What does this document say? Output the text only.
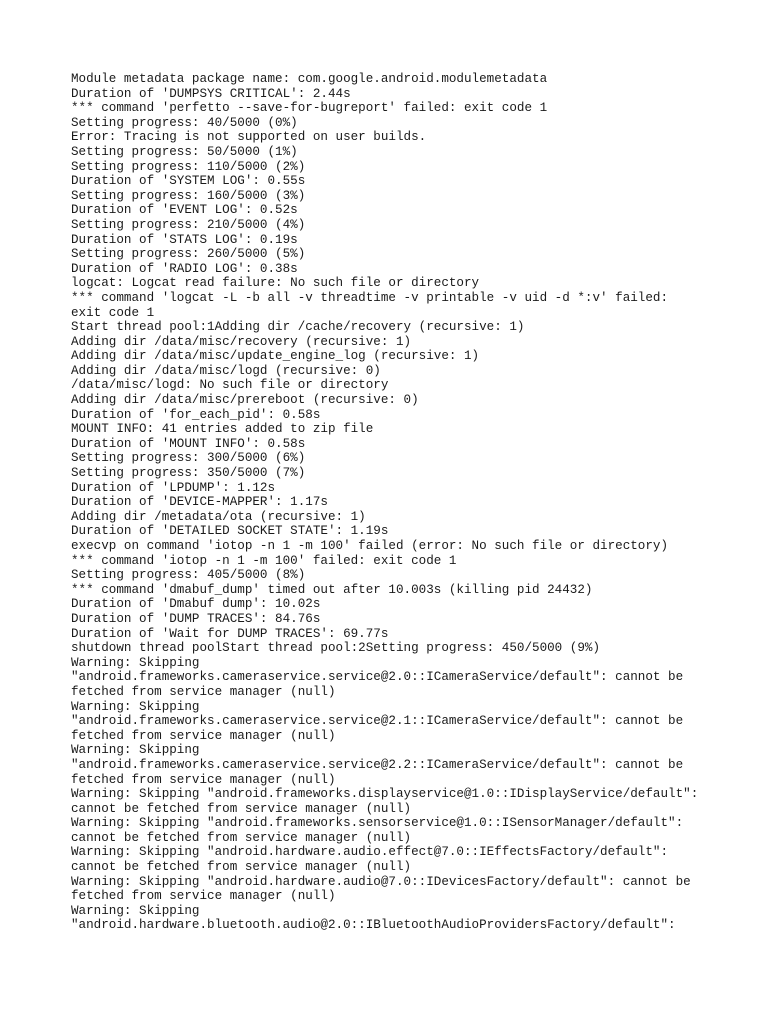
Module metadata package name: com.google.android.modulemetadata
Duration of 'DUMPSYS CRITICAL': 2.44s
*** command 'perfetto --save-for-bugreport' failed: exit code 1
Setting progress: 40/5000 (0%)
Error: Tracing is not supported on user builds.
Setting progress: 50/5000 (1%)
Setting progress: 110/5000 (2%)
Duration of 'SYSTEM LOG': 0.55s
Setting progress: 160/5000 (3%)
Duration of 'EVENT LOG': 0.52s
Setting progress: 210/5000 (4%)
Duration of 'STATS LOG': 0.19s
Setting progress: 260/5000 (5%)
Duration of 'RADIO LOG': 0.38s
logcat: Logcat read failure: No such file or directory
*** command 'logcat -L -b all -v threadtime -v printable -v uid -d *:v' failed:
exit code 1
Start thread pool:1Adding dir /cache/recovery (recursive: 1)
Adding dir /data/misc/recovery (recursive: 1)
Adding dir /data/misc/update_engine_log (recursive: 1)
Adding dir /data/misc/logd (recursive: 0)
/data/misc/logd: No such file or directory
Adding dir /data/misc/prereboot (recursive: 0)
Duration of 'for_each_pid': 0.58s
MOUNT INFO: 41 entries added to zip file
Duration of 'MOUNT INFO': 0.58s
Setting progress: 300/5000 (6%)
Setting progress: 350/5000 (7%)
Duration of 'LPDUMP': 1.12s
Duration of 'DEVICE-MAPPER': 1.17s
Adding dir /metadata/ota (recursive: 1)
Duration of 'DETAILED SOCKET STATE': 1.19s
execvp on command 'iotop -n 1 -m 100' failed (error: No such file or directory)
*** command 'iotop -n 1 -m 100' failed: exit code 1
Setting progress: 405/5000 (8%)
*** command 'dmabuf_dump' timed out after 10.003s (killing pid 24432)
Duration of 'Dmabuf dump': 10.02s
Duration of 'DUMP TRACES': 84.76s
Duration of 'Wait for DUMP TRACES': 69.77s
shutdown thread poolStart thread pool:2Setting progress: 450/5000 (9%)
Warning: Skipping
"android.frameworks.cameraservice.service@2.0::ICameraService/default": cannot be
fetched from service manager (null)
Warning: Skipping
"android.frameworks.cameraservice.service@2.1::ICameraService/default": cannot be
fetched from service manager (null)
Warning: Skipping
"android.frameworks.cameraservice.service@2.2::ICameraService/default": cannot be
fetched from service manager (null)
Warning: Skipping "android.frameworks.displayservice@1.0::IDisplayService/default":
cannot be fetched from service manager (null)
Warning: Skipping "android.frameworks.sensorservice@1.0::ISensorManager/default":
cannot be fetched from service manager (null)
Warning: Skipping "android.hardware.audio.effect@7.0::IEffectsFactory/default":
cannot be fetched from service manager (null)
Warning: Skipping "android.hardware.audio@7.0::IDevicesFactory/default": cannot be
fetched from service manager (null)
Warning: Skipping
"android.hardware.bluetooth.audio@2.0::IBluetoothAudioProvidersFactory/default":
